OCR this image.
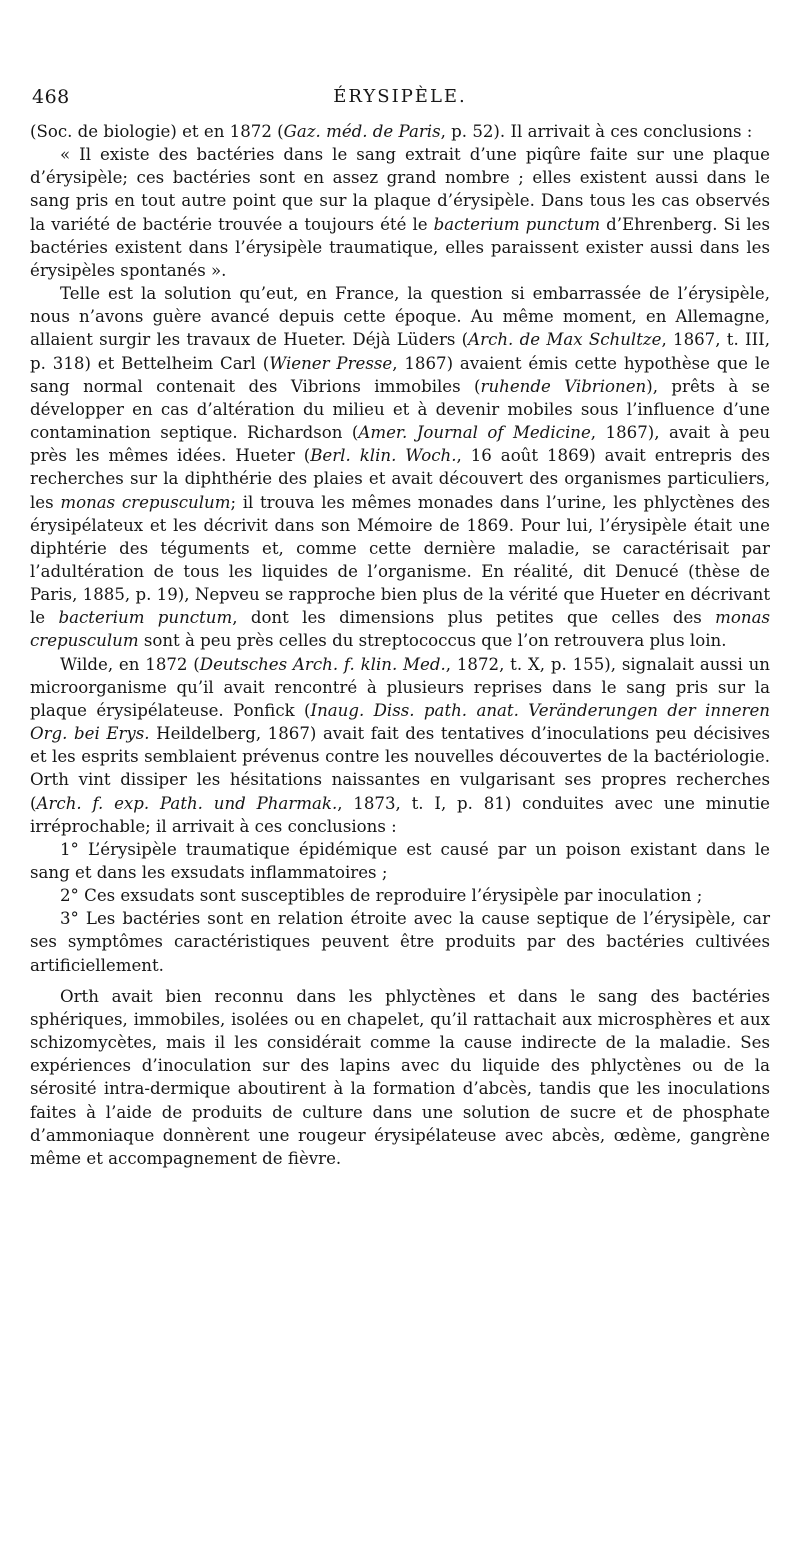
468	ÉRYSIPÈLE.

(Soc. de biologie) et en 1872 (Gaz. méd. de Paris, p. 52). Il arrivait à ces conclusions :

« Il existe des bactéries dans le sang extrait d’une piqûre faite sur une plaque d’érysipèle; ces bactéries sont en assez grand nombre ; elles existent aussi dans le sang pris en tout autre point que sur la plaque d’érysipèle. Dans tous les cas observés la variété de bactérie trouvée a toujours été le bacterium punctum d’Ehrenberg. Si les bactéries existent dans l’érysipèle traumatique, elles paraissent exister aussi dans les érysipèles spontanés ».

Telle est la solution qu’eut, en France, la question si embarrassée de l’érysipèle, nous n’avons guère avancé depuis cette époque. Au même moment, en Allemagne, allaient surgir les travaux de Hueter. Déjà Lüders (Arch. de Max Schultze, 1867, t. III, p. 318) et Bettelheim Carl (Wiener Presse, 1867) avaient émis cette hypothèse que le sang normal contenait des Vibrions immobiles (ruhende Vibrionen), prêts à se développer en cas d’altération du milieu et à devenir mobiles sous l’influence d’une contamination septique. Richardson (Amer. Journal of Medicine, 1867), avait à peu près les mêmes idées. Hueter (Berl. klin. Woch., 16 août 1869) avait entrepris des recherches sur la diphthérie des plaies et avait découvert des organismes particuliers, les monas crepusculum; il trouva les mêmes monades dans l’urine, les phlyctènes des érysipélateux et les décrivit dans son Mémoire de 1869. Pour lui, l’érysipèle était une diphtérie des téguments et, comme cette dernière maladie, se caractérisait par l’adultération de tous les liquides de l’organisme. En réalité, dit Denucé (thèse de Paris, 1885, p. 19), Nepveu se rapproche bien plus de la vérité que Hueter en décrivant le bacterium punctum, dont les dimensions plus petites que celles des monas crepusculum sont à peu près celles du streptococcus que l’on retrouvera plus loin.

Wilde, en 1872 (Deutsches Arch. f. klin. Med., 1872, t. X, p. 155), signalait aussi un microorganisme qu’il avait rencontré à plusieurs reprises dans le sang pris sur la plaque érysipélateuse. Ponfick (Inaug. Diss. path. anat. Veränderungen der inneren Org. bei Erys. Heildelberg, 1867) avait fait des tentatives d’inoculations peu décisives et les esprits semblaient prévenus contre les nouvelles découvertes de la bactériologie. Orth vint dissiper les hésitations naissantes en vulgarisant ses propres recherches (Arch. f. exp. Path. und Pharmak., 1873, t. I, p. 81) conduites avec une minutie irréprochable; il arrivait à ces conclusions :

1° L’érysipèle traumatique épidémique est causé par un poison existant dans le sang et dans les exsudats inflammatoires ;

2° Ces exsudats sont susceptibles de reproduire l’érysipèle par inoculation ;

3° Les bactéries sont en relation étroite avec la cause septique de l’érysipèle, car ses symptômes caractéristiques peuvent être produits par des bactéries cultivées artificiellement.

Orth avait bien reconnu dans les phlyctènes et dans le sang des bactéries sphériques, immobiles, isolées ou en chapelet, qu’il rattachait aux microsphères et aux schizomycètes, mais il les considérait comme la cause indirecte de la maladie. Ses expériences d’inoculation sur des lapins avec du liquide des phlyctènes ou de la sérosité intra-dermique aboutirent à la formation d’abcès, tandis que les inoculations faites à l’aide de produits de culture dans une solution de sucre et de phosphate d’ammoniaque donnèrent une rougeur érysipélateuse avec abcès, œdème, gangrène même et accompagnement de fièvre.
